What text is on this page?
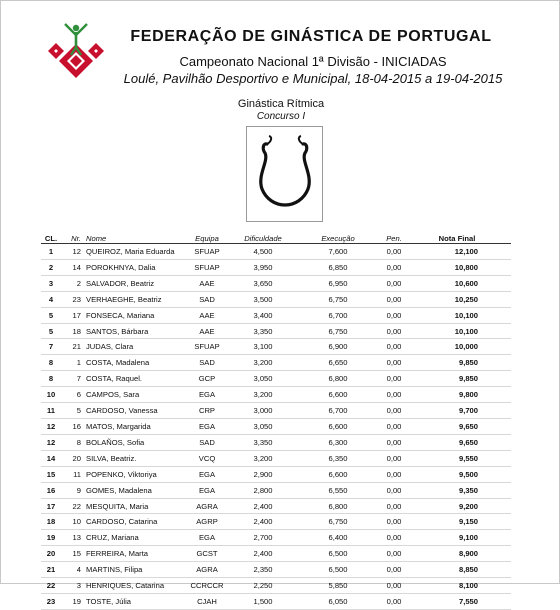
FEDERAÇÃO DE GINÁSTICA DE PORTUGAL
Campeonato Nacional 1ª Divisão - INICIADAS
Loulé, Pavilhão Desportivo e Municipal, 18-04-2015 a 19-04-2015
Ginástica Rítmica
Concurso I
CL.	Nr. Nome	Equipa	Dificuldade	Execução	Pen.	Nota Final
1	12 QUEIROZ, Maria Eduarda	SFUAP	4,500	7,600	0,00	12,100
2	14 POROKHNYA, Dalia	SFUAP	3,950	6,850	0,00	10,800
3	2 SALVADOR, Beatriz	AAE	3,650	6,950	0,00	10,600
4	23 VERHAEGHE, Beatriz	SAD	3,500	6,750	0,00	10,250
5	17 FONSECA, Mariana	AAE	3,400	6,700	0,00	10,100
5	18 SANTOS, Bárbara	AAE	3,350	6,750	0,00	10,100
7	21 JUDAS, Clara	SFUAP	3,100	6,900	0,00	10,000
8	1 COSTA, Madalena	SAD	3,200	6,650	0,00	9,850
8	7 COSTA, Raquel.	GCP	3,050	6,800	0,00	9,850
10	6 CAMPOS, Sara	EGA	3,200	6,600	0,00	9,800
11	5 CARDOSO, Vanessa	CRP	3,000	6,700	0,00	9,700
12	16 MATOS, Margarida	EGA	3,050	6,600	0,00	9,650
12	8 BOLAÑOS, Sofia	SAD	3,350	6,300	0,00	9,650
14	20 SILVA, Beatriz.	VCQ	3,200	6,350	0,00	9,550
15	11 POPENKO, Viktoriya	EGA	2,900	6,600	0,00	9,500
16	9 GOMES, Madalena	EGA	2,800	6,550	0,00	9,350
17	22 MESQUITA, Maria	AGRA	2,400	6,800	0,00	9,200
18	10 CARDOSO, Catarina	AGRP	2,400	6,750	0,00	9,150
19	13 CRUZ, Mariana	EGA	2,700	6,400	0,00	9,100
20	15 FERREIRA, Marta	GCST	2,400	6,500	0,00	8,900
21	4 MARTINS, Filipa	AGRA	2,350	6,500	0,00	8,850
22	3 HENRIQUES, Catarina	CCRCCR	2,250	5,850	0,00	8,100
23	19 TOSTE, Júlia	CJAH	1,500	6,050	0,00	7,550
